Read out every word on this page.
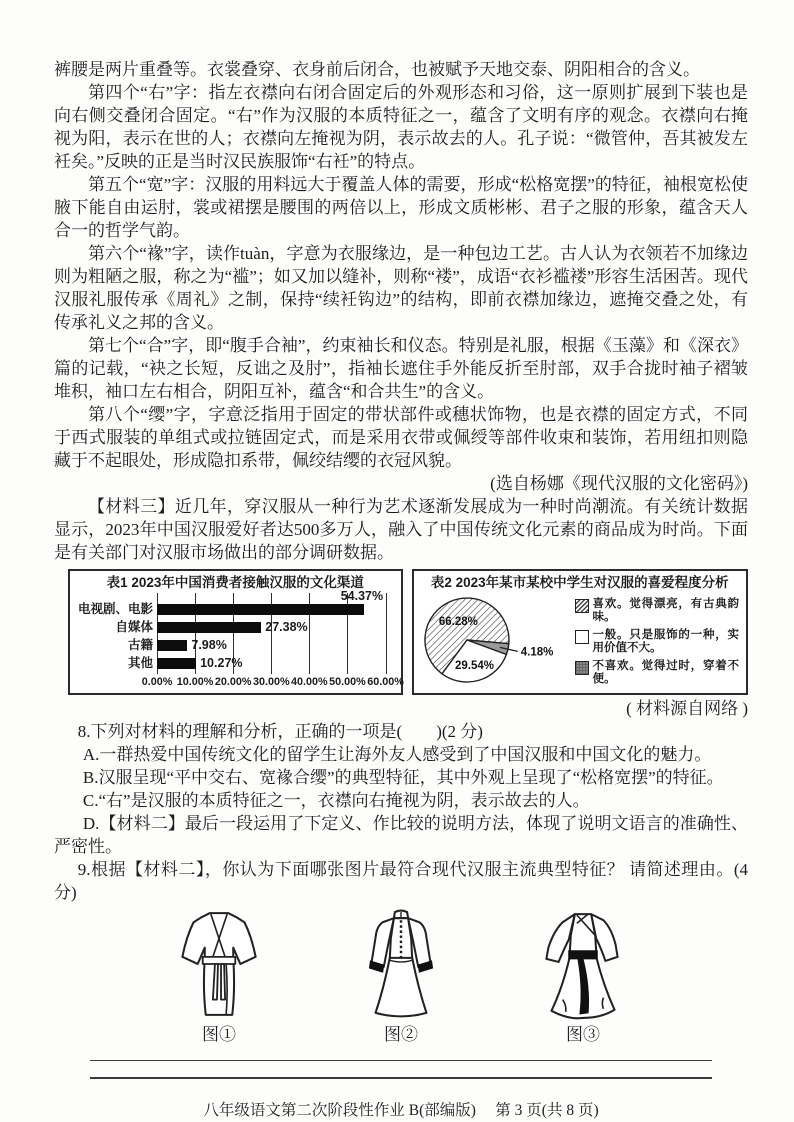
裤腰是两片重叠等。衣裳叠穿、衣身前后闭合，也被赋予天地交泰、阴阳相合的含义。

第四个“右”字：指左衣襟向右闭合固定后的外观形态和习俗，这一原则扩展到下装也是向右侧交叠闭合固定。“右”作为汉服的本质特征之一，蕴含了文明有序的观念。衣襟向右掩视为阳，表示在世的人；衣襟向左掩视为阴，表示故去的人。孔子说：“微管仲，吾其被发左衽矣。”反映的正是当时汉民族服饰“右衽”的特点。

第五个“宽”字：汉服的用料远大于覆盖人体的需要，形成“松格宽摆”的特征，袖根宽松使腋下能自由运肘，裳或裙摆是腰围的两倍以上，形成文质彬彬、君子之服的形象，蕴含天人合一的哲学气韵。

第六个“褖”字，读作tuàn，字意为衣服缘边，是一种包边工艺。古人认为衣领若不加缘边则为粗陋之服，称之为“褴”；如又加以缝补，则称“褛”，成语“衣衫褴褛”形容生活困苦。现代汉服礼服传承《周礼》之制，保持“续衽钩边”的结构，即前衣襟加缘边，遮掩交叠之处，有传承礼义之邦的含义。

第七个“合”字，即“腹手合袖”，约束袖长和仪态。特别是礼服，根据《玉藻》和《深衣》篇的记载，“袂之长短，反诎之及肘”，指袖长遮住手外能反折至肘部，双手合拢时袖子褶皱堆积，袖口左右相合，阴阳互补，蕴含“和合共生”的含义。

第八个“缨”字，字意泛指用于固定的带状部件或穗状饰物，也是衣襟的固定方式，不同于西式服装的单组式或拉链固定式，而是采用衣带或佩绶等部件收束和装饰，若用纽扣则隐藏于不起眼处，形成隐扣系带，佩绞结缨的衣冠风貌。

(选自杨娜《现代汉服的文化密码》)

【材料三】近几年，穿汉服从一种行为艺术逐渐发展成为一种时尚潮流。有关统计数据显示，2023年中国汉服爱好者达500多万人，融入了中国传统文化元素的商品成为时尚。下面是有关部门对汉服市场做出的部分调研数据。

表1 2023年中国消费者接触汉服的文化渠道
0.00% 10.00% 20.00% 30.00% 40.00% 50.00% 60.00%
54.37%
27.38%
7.98%
10.27%
电视剧、电影
自媒体
古籍
其他
表2 2023年某市某校中学生对汉服的喜爱程度分析
66.28%
4.18%
29.54%
喜欢。觉得漂亮，有古典韵味。
一般。只是服饰的一种，实用价值不大。
不喜欢。觉得过时，穿着不便。

( 材料源自网络 )

8.下列对材料的理解和分析，正确的一项是(　　)(2 分)

A.一群热爱中国传统文化的留学生让海外友人感受到了中国汉服和中国文化的魅力。

B.汉服呈现“平中交右、宽褖合缨”的典型特征，其中外观上呈现了“松格宽摆”的特征。

C.“右”是汉服的本质特征之一，衣襟向右掩视为阴，表示故去的人。

D.【材料二】最后一段运用了下定义、作比较的说明方法，体现了说明文语言的准确性、严密性。

9.根据【材料二】，你认为下面哪张图片最符合现代汉服主流典型特征？ 请简述理由。(4 分)

图①	图②	图③
八年级语文第二次阶段性作业 B(部编版)　 第 3 页(共 8 页)
